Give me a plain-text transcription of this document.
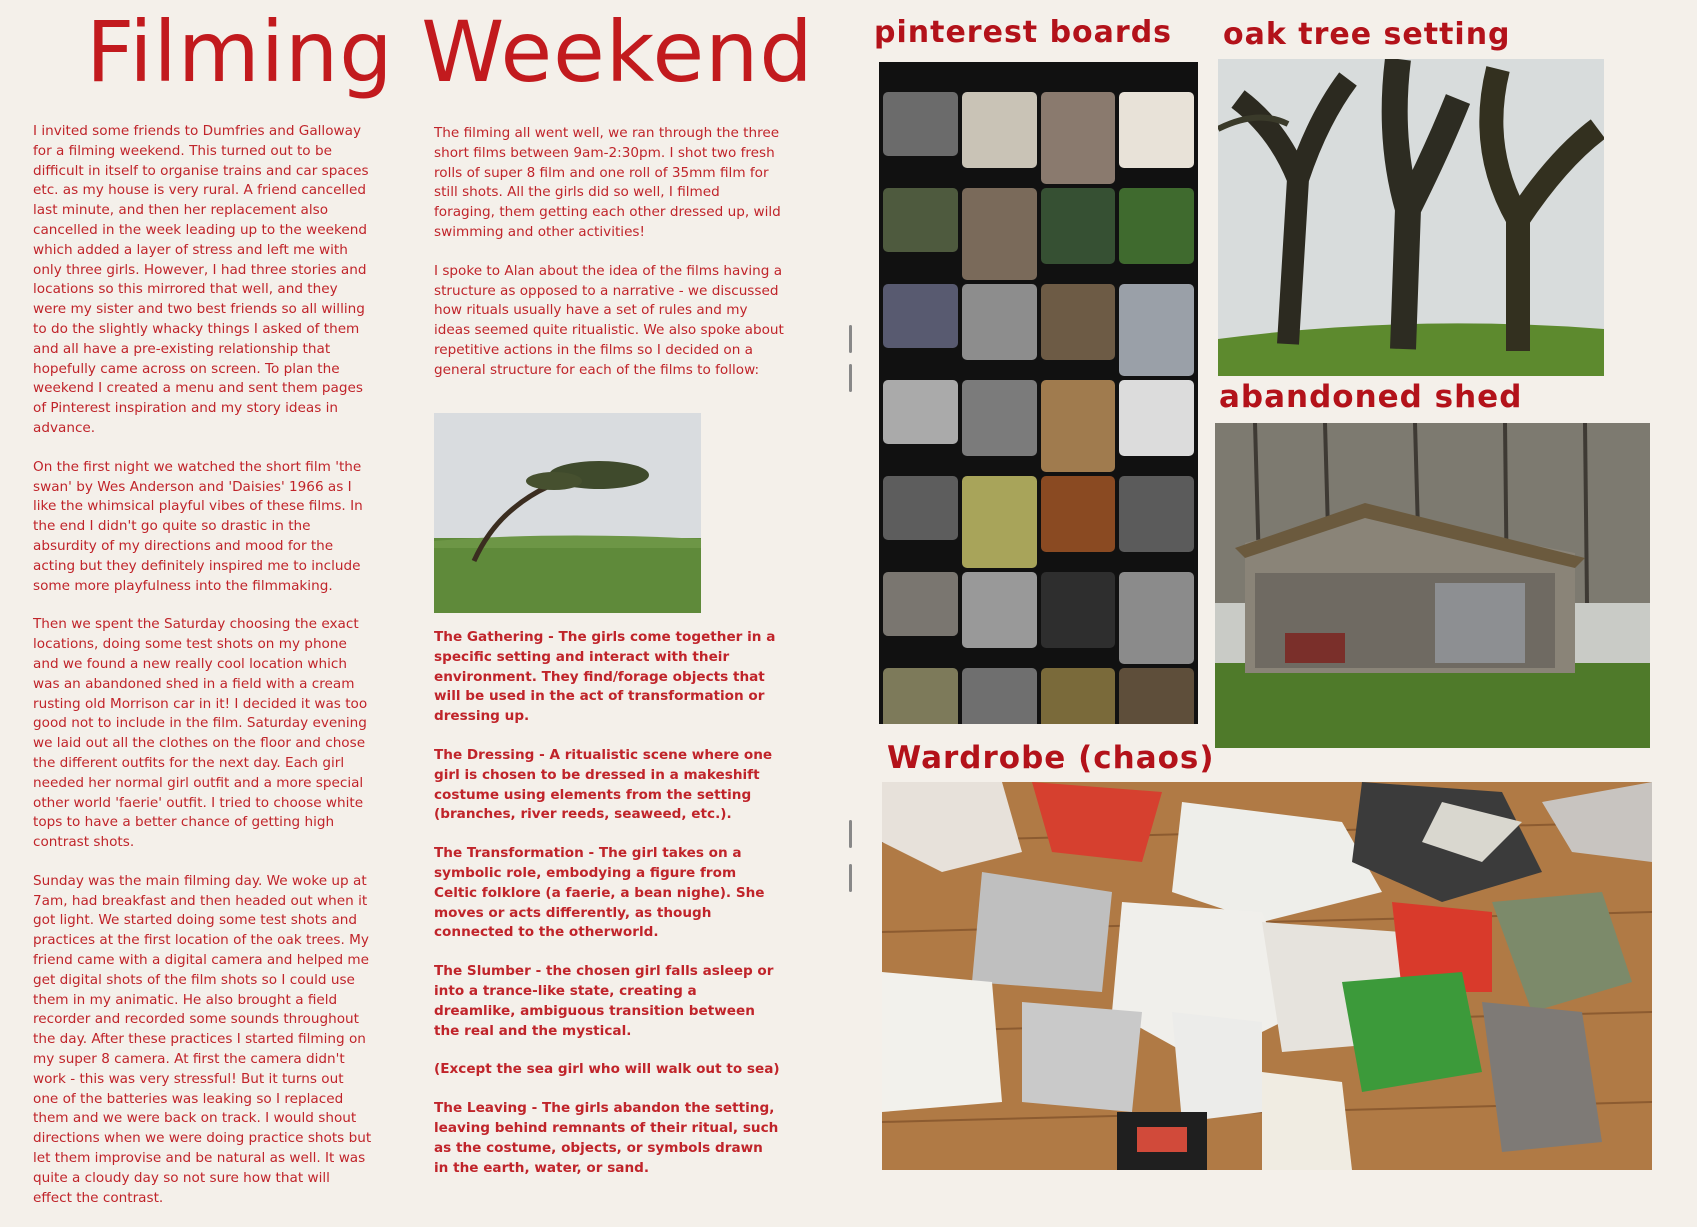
Filming Weekend

I invited some friends to Dumfries and Galloway for a filming weekend. This turned out to be difficult in itself to organise trains and car spaces etc. as my house is very rural. A friend cancelled last minute, and then her replacement also cancelled in the week leading up to the weekend which added a layer of stress and left me with only three girls. However, I had three stories and locations so this mirrored that well, and they were my sister and two best friends so all willing to do the slightly whacky things I asked of them and all have a pre-existing relationship that hopefully came across on screen. To plan the weekend I created a menu and sent them pages of Pinterest inspiration and my story ideas in advance.

On the first night we watched the short film 'the swan' by Wes Anderson and 'Daisies' 1966 as I like the whimsical playful vibes of these films. In the end I didn't go quite so drastic in the absurdity of my directions and mood for the acting but they definitely inspired me to include some more playfulness into the filmmaking.

Then we spent the Saturday choosing the exact locations, doing some test shots on my phone and we found a new really cool location which was an abandoned shed in a field with a cream rusting old Morrison car in it! I decided it was too good not to include in the film. Saturday evening we laid out all the clothes on the floor and chose the different outfits for the next day. Each girl needed her normal girl outfit and a more special other world 'faerie' outfit. I tried to choose white tops to have a better chance of getting high contrast shots.

Sunday was the main filming day. We woke up at 7am, had breakfast and then headed out when it got light. We started doing some test shots and practices at the first location of the oak trees. My friend came with a digital camera and helped me get digital shots of the film shots so I could use them in my animatic. He also brought a field recorder and recorded some sounds throughout the day. After these practices I started filming on my super 8 camera. At first the camera didn't work - this was very stressful! But it turns out one of the batteries was leaking so I replaced them and we were back on track. I would shout directions when we were doing practice shots but let them improvise and be natural as well. It was quite a cloudy day so not sure how that will effect the contrast.

The filming all went well, we ran through the three short films between 9am-2:30pm. I shot two fresh rolls of super 8 film and one roll of 35mm film for still shots. All the girls did so well, I filmed foraging, them getting each other dressed up, wild swimming and other activities!

I spoke to Alan about the idea of the films having a structure as opposed to a narrative - we discussed how rituals usually have a set of rules and my ideas seemed quite ritualistic. We also spoke about repetitive actions in the films so I decided on a general structure for each of the films to follow:

The Gathering - The girls come together in a specific setting and interact with their environment. They find/forage objects that will be used in the act of transformation or dressing up.

The Dressing - A ritualistic scene where one girl is chosen to be dressed in a makeshift costume using elements from the setting (branches, river reeds, seaweed, etc.).

The Transformation - The girl takes on a symbolic role, embodying a figure from Celtic folklore (a faerie, a bean nighe). She moves or acts differently, as though connected to the otherworld.

The Slumber - the chosen girl falls asleep or into a trance-like state, creating a dreamlike, ambiguous transition between the real and the mystical.

(Except the sea girl who will walk out to sea)

The Leaving - The girls abandon the setting, leaving behind remnants of their ritual, such as the costume, objects, or symbols drawn in the earth, water, or sand.

pinterest boards oak tree setting
abandoned shed
Wardrobe (chaos)
